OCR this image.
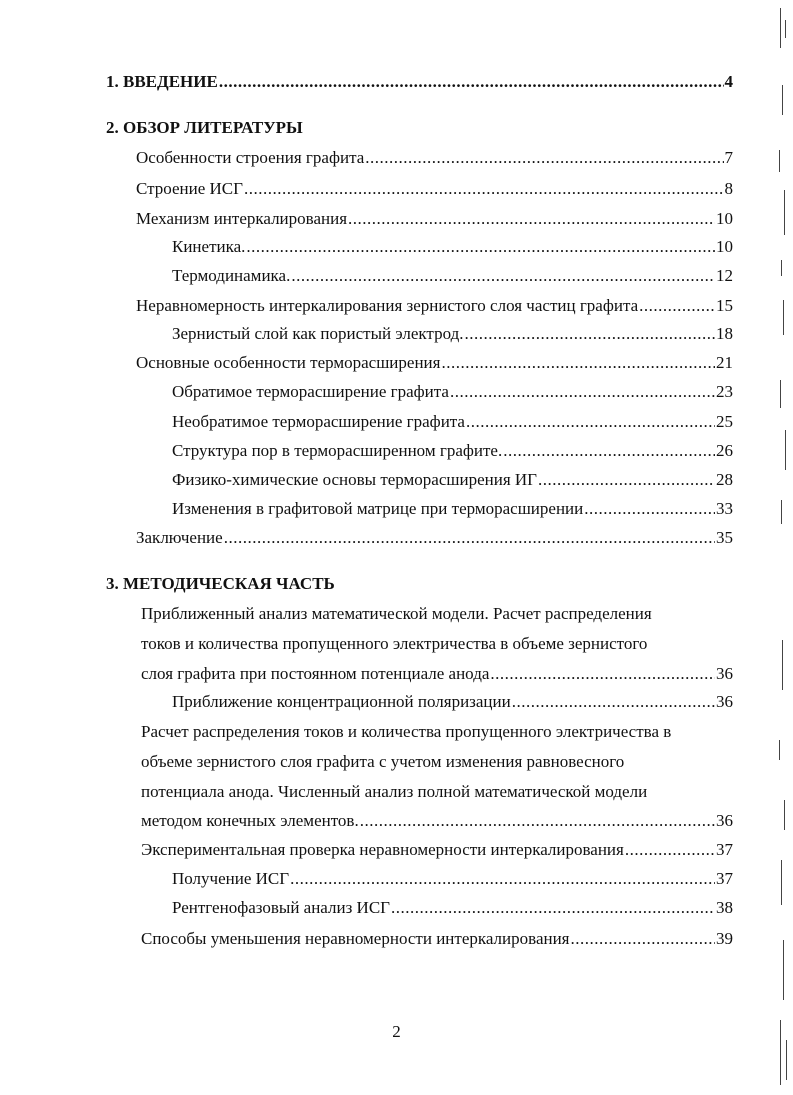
1. ВВЕДЕНИЕ .....	4
2. ОБЗОР ЛИТЕРАТУРЫ
Особенности строения графита .....	7
Строение ИСГ .....	8
Механизм интеркалирования .....	10
Кинетика. .....	10
Термодинамика. .....	12
Неравномерность интеркалирования зернистого слоя частиц графита .....	15
Зернистый слой как пористый электрод. .....	18
Основные особенности терморасширения .....	21
Обратимое терморасширение графита .....	23
Необратимое терморасширение графита .....	25
Структура пор в терморасширенном графите. .....	26
Физико-химические основы терморасширения ИГ .....	28
Изменения в графитовой матрице при терморасширении .....	33
Заключение .....	35
3. МЕТОДИЧЕСКАЯ ЧАСТЬ
Приближенный анализ математической модели. Расчет распределения
токов и количества пропущенного электричества в объеме зернистого
слоя графита при постоянном потенциале анода .....	36
Приближение концентрационной поляризации .....	36
Расчет распределения токов и количества пропущенного электричества в
объеме зернистого слоя графита с учетом изменения равновесного
потенциала анода. Численный анализ полной математической модели
методом конечных элементов. .....	36
Экспериментальная проверка неравномерности интеркалирования .....	37
Получение ИСГ .....	37
Рентгенофазовый анализ ИСГ .....	38
Способы уменьшения неравномерности интеркалирования .....	39
2
